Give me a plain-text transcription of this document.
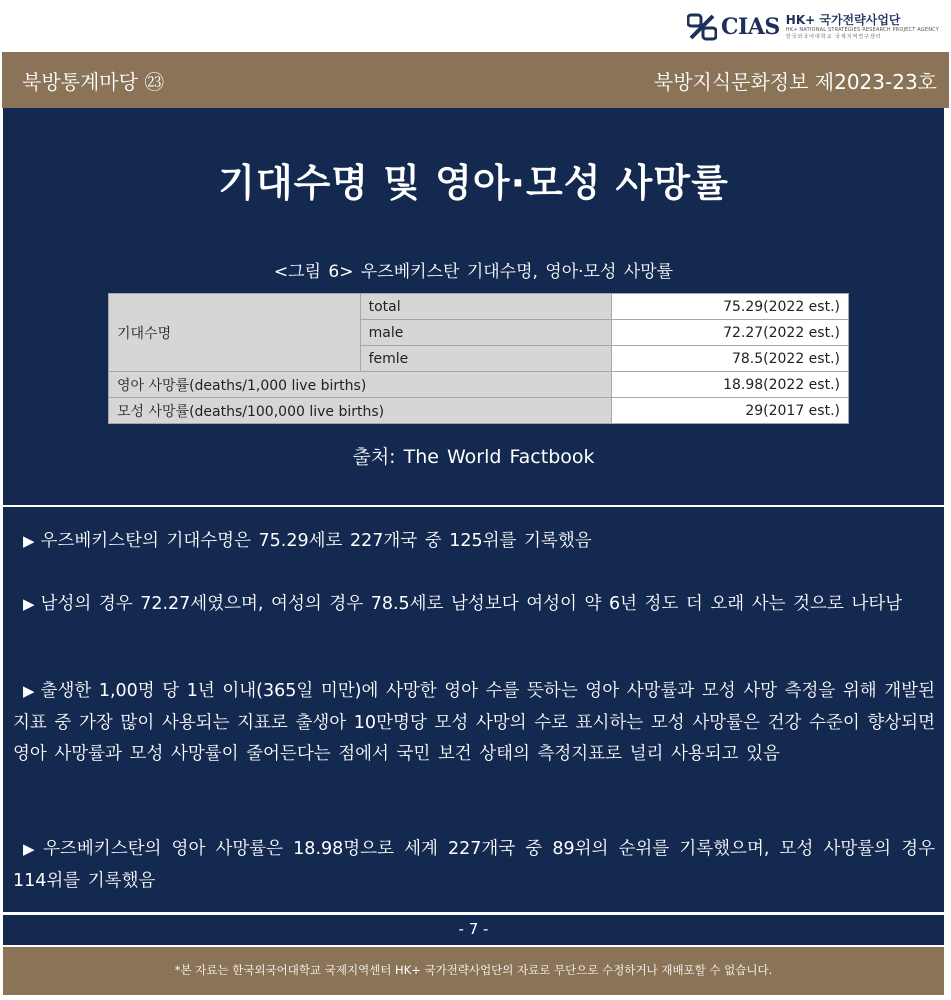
CIAS HK+ 국가전략사업단
HK+ NATIONAL STRATEGIES RESEARCH PROJECT AGENCY
한국외국어대학교 국제지역연구센터
북방통계마당 ㉓	북방지식문화정보 제2023-23호
기대수명 및 영아·모성 사망률
<그림 6> 우즈베키스탄 기대수명, 영아·모성 사망률
기대수명	total	75.29(2022 est.)
	male	72.27(2022 est.)
	femle	78.5(2022 est.)
영아 사망률(deaths/1,000 live births)		18.98(2022 est.)
모성 사망률(deaths/100,000 live births)		29(2017 est.)
출처: The World Factbook
▶ 우즈베키스탄의 기대수명은 75.29세로 227개국 중 125위를 기록했음
▶ 남성의 경우 72.27세였으며, 여성의 경우 78.5세로 남성보다 여성이 약 6년 정도 더 오래 사는 것으로 나타남
▶ 출생한 1,00명 당 1년 이내(365일 미만)에 사망한 영아 수를 뜻하는 영아 사망률과 모성 사망 측정을 위해 개발된 지표 중 가장 많이 사용되는 지표로 출생아 10만명당 모성 사망의 수로 표시하는 모성 사망률은 건강 수준이 향상되면 영아 사망률과 모성 사망률이 줄어든다는 점에서 국민 보건 상태의 측정지표로 널리 사용되고 있음
▶ 우즈베키스탄의 영아 사망률은 18.98명으로 세계 227개국 중 89위의 순위를 기록했으며, 모성 사망률의 경우 114위를 기록했음
- 7 -
*본 자료는 한국외국어대학교 국제지역센터 HK+ 국가전략사업단의 자료로 무단으로 수정하거나 재배포할 수 없습니다.
